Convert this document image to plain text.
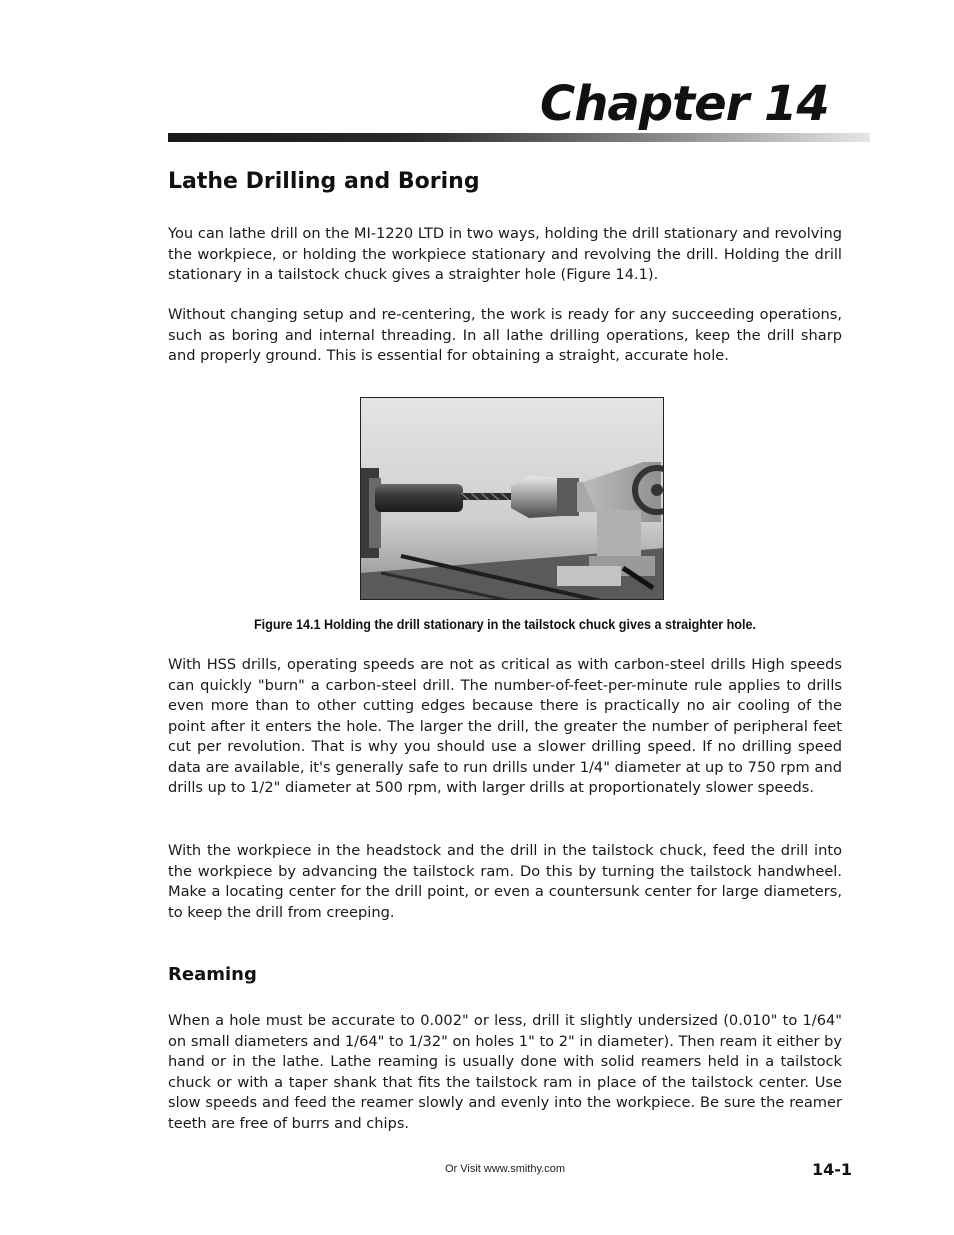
Chapter 14
Lathe Drilling and Boring

You can lathe drill on the MI-1220 LTD in two ways, holding the drill stationary and revolving the workpiece, or holding the workpiece stationary and revolving the drill. Holding the drill stationary in a tailstock chuck gives a straighter hole (Figure 14.1).

Without changing setup and re-centering, the work is ready for any succeeding operations, such as boring and internal threading. In all lathe drilling operations, keep the drill sharp and properly ground. This is essential for obtaining a straight, accurate hole.

Figure 14.1 Holding the drill stationary in the tailstock chuck gives a straighter hole.

With HSS drills, operating speeds are not as critical as with carbon-steel drills High speeds can quickly "burn" a carbon-steel drill. The number-of-feet-per-minute rule applies to drills even more than to other cutting edges because there is practically no air cooling of the point after it enters the hole. The larger the drill, the greater the number of peripheral feet cut per revolution. That is why you should use a slower drilling speed. If no drilling speed data are available, it's generally safe to run drills under 1/4" diameter at up to 750 rpm and drills up to 1/2" diameter at 500 rpm, with larger drills at proportionately slower speeds.

With the workpiece in the headstock and the drill in the tailstock chuck, feed the drill into the workpiece by advancing the tailstock ram. Do this by turning the tailstock handwheel. Make a locating center for the drill point, or even a countersunk center for large diameters, to keep the drill from creeping.

Reaming

When a hole must be accurate to 0.002" or less, drill it slightly undersized (0.010" to 1/64" on small diameters and 1/64" to 1/32" on holes 1" to 2" in diameter). Then ream it either by hand or in the lathe. Lathe reaming is usually done with solid reamers held in a tailstock chuck or with a taper shank that fits the tailstock ram in place of the tailstock center. Use slow speeds and feed the reamer slowly and evenly into the workpiece. Be sure the reamer teeth are free of burrs and chips.

Or Visit www.smithy.com	14-1
